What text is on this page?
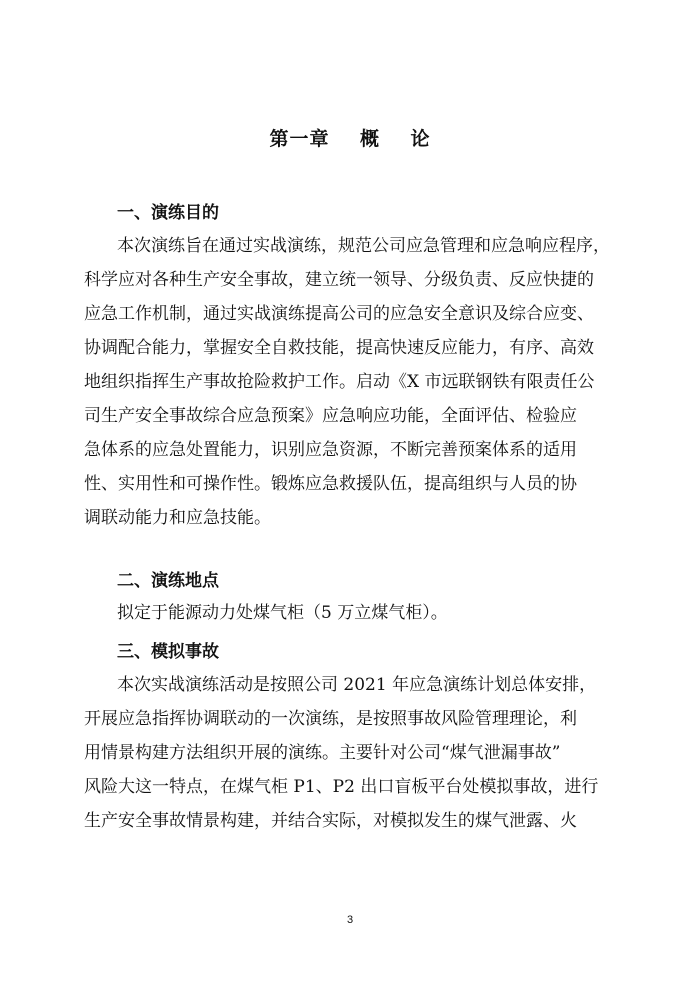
第一章    概    论
一、演练目的
本次演练旨在通过实战演练，规范公司应急管理和应急响应程序，
科学应对各种生产安全事故，建立统一领导、分级负责、反应快捷的
应急工作机制，通过实战演练提高公司的应急安全意识及综合应变、
协调配合能力，掌握安全自救技能，提高快速反应能力，有序、高效
地组织指挥生产事故抢险救护工作。启动《X 市远联钢铁有限责任公
司生产安全事故综合应急预案》应急响应功能，全面评估、检验应
急体系的应急处置能力，识别应急资源，不断完善预案体系的适用
性、实用性和可操作性。锻炼应急救援队伍，提高组织与人员的协
调联动能力和应急技能。
二、演练地点
拟定于能源动力处煤气柜（5 万立煤气柜）。
三、模拟事故
本次实战演练活动是按照公司 2021 年应急演练计划总体安排，
开展应急指挥协调联动的一次演练，是按照事故风险管理理论，利
用情景构建方法组织开展的演练。主要针对公司“煤气泄漏事故”
风险大这一特点，在煤气柜 P1、P2 出口盲板平台处模拟事故，进行
生产安全事故情景构建，并结合实际，对模拟发生的煤气泄露、火
3
